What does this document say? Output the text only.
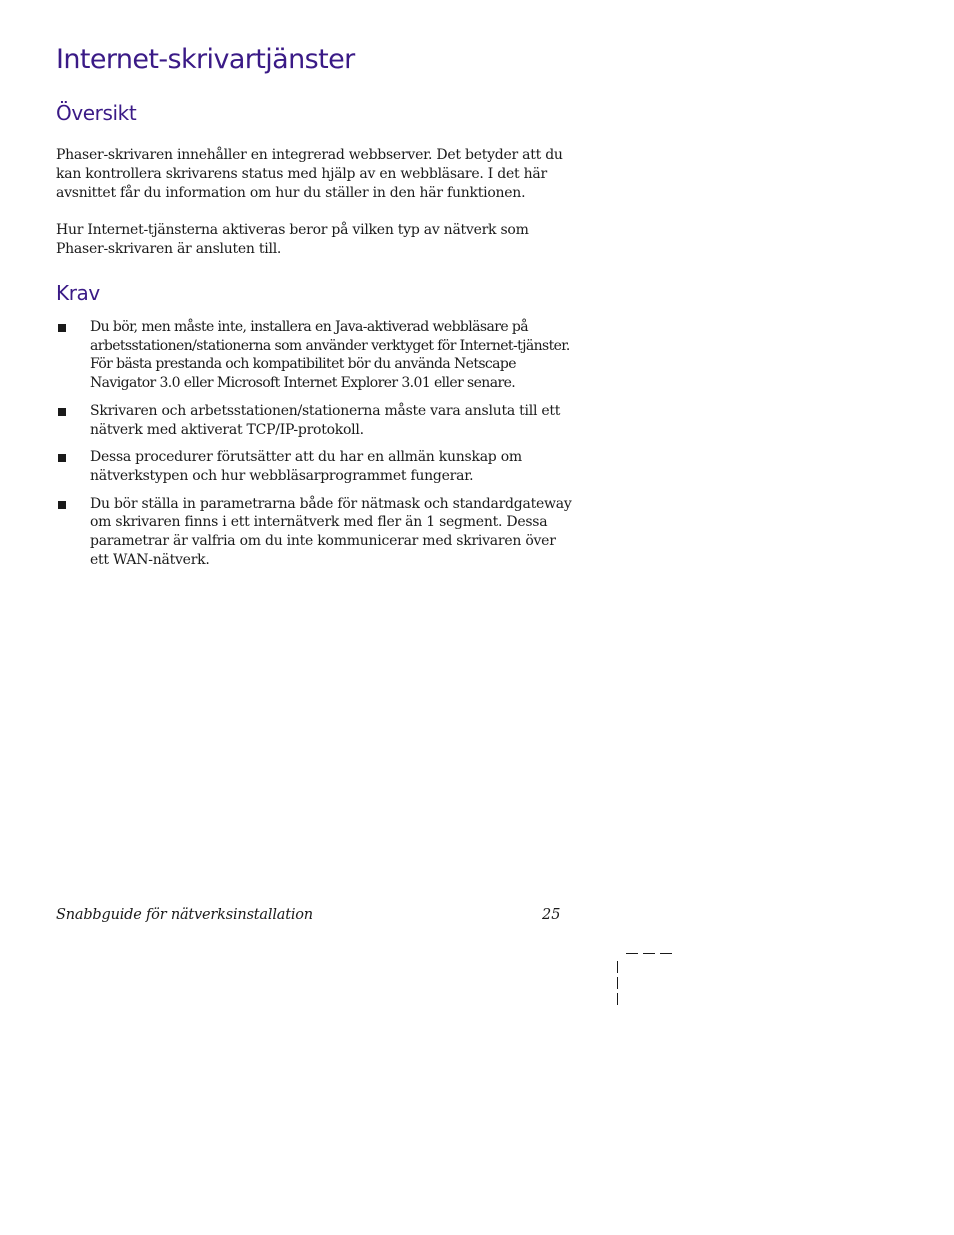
Internet-skrivartjänster
Översikt

Phaser-skrivaren innehåller en integrerad webbserver. Det betyder att du kan kontrollera skrivarens status med hjälp av en webbläsare. I det här avsnittet får du information om hur du ställer in den här funktionen.

Hur Internet-tjänsterna aktiveras beror på vilken typ av nätverk som Phaser-skrivaren är ansluten till.

Krav
Du bör, men måste inte, installera en Java-aktiverad webbläsare på arbetsstationen/stationerna som använder verktyget för Internet-tjänster. För bästa prestanda och kompatibilitet bör du använda Netscape Navigator 3.0 eller Microsoft Internet Explorer 3.01 eller senare.
Skrivaren och arbetsstationen/stationerna måste vara ansluta till ett nätverk med aktiverat TCP/IP-protokoll.
Dessa procedurer förutsätter att du har en allmän kunskap om nätverkstypen och hur webbläsarprogrammet fungerar.
Du bör ställa in parametrarna både för nätmask och standardgateway om skrivaren finns i ett internätverk med fler än 1 segment. Dessa parametrar är valfria om du inte kommunicerar med skrivaren över ett WAN-nätverk.
Snabbguide för nätverksinstallation	25
